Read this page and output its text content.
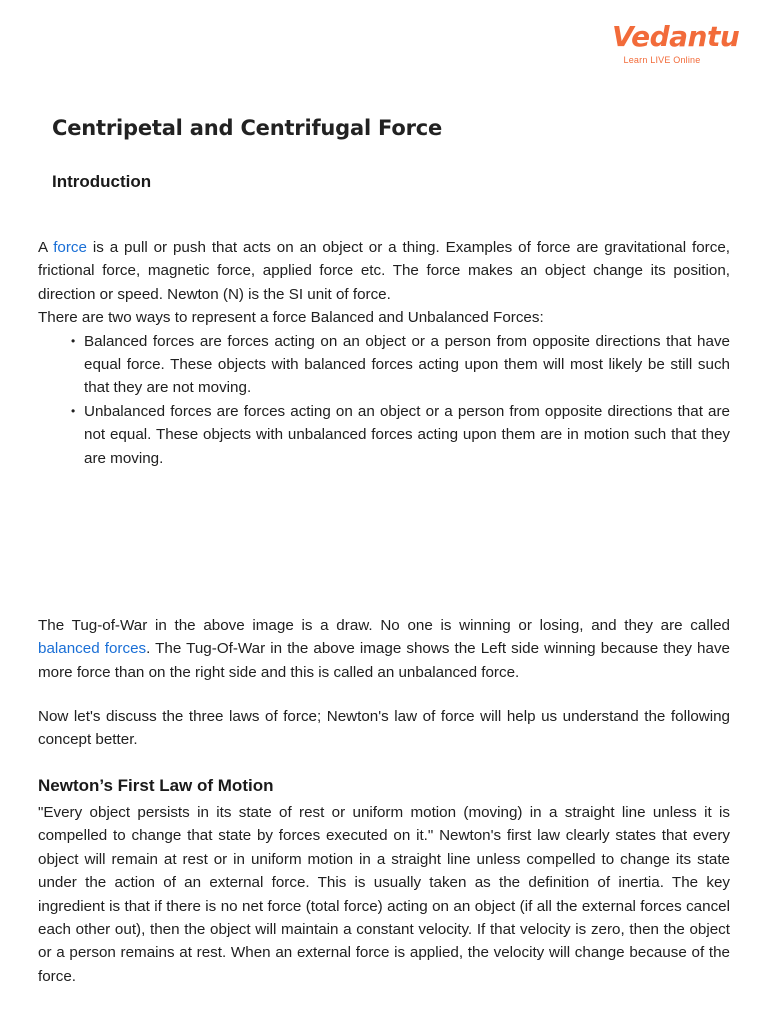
Vedantu
Learn LIVE Online
Centripetal and Centrifugal Force
Introduction

A force is a pull or push that acts on an object or a thing. Examples of force are gravitational force, frictional force, magnetic force, applied force etc. The force makes an object change its position, direction or speed. Newton (N) is the SI unit of force.

There are two ways to represent a force Balanced and Unbalanced Forces:

• Balanced forces are forces acting on an object or a person from opposite directions that have equal force. These objects with balanced forces acting upon them will most likely be still such that they are not moving.
• Unbalanced forces are forces acting on an object or a person from opposite directions that are not equal. These objects with unbalanced forces acting upon them are in motion such that they are moving.

The Tug-of-War in the above image is a draw. No one is winning or losing, and they are called balanced forces. The Tug-Of-War in the above image shows the Left side winning because they have more force than on the right side and this is called an unbalanced force.

Now let's discuss the three laws of force; Newton's law of force will help us understand the following concept better.

Newton’s First Law of Motion

"Every object persists in its state of rest or uniform motion (moving) in a straight line unless it is compelled to change that state by forces executed on it." Newton's first law clearly states that every object will remain at rest or in uniform motion in a straight line unless compelled to change its state under the action of an external force. This is usually taken as the definition of inertia. The key ingredient is that if there is no net force (total force) acting on an object (if all the external forces cancel each other out), then the object will maintain a constant velocity. If that velocity is zero, then the object or a person remains at rest. When an external force is applied, the velocity will change because of the force.
